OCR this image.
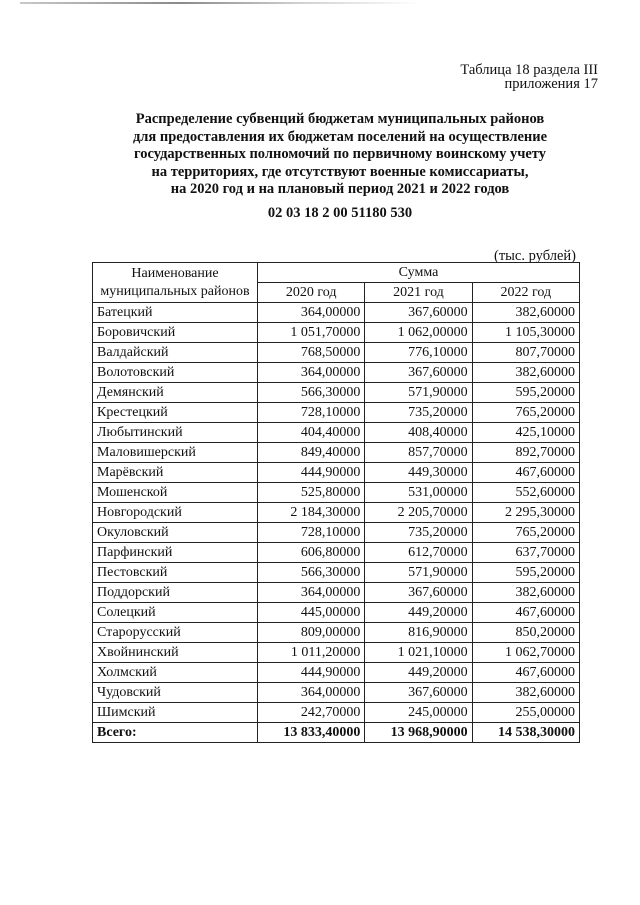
Таблица 18 раздела III
приложения 17
Распределение субвенций бюджетам муниципальных районов
для предоставления их бюджетам поселений на осуществление
государственных полномочий по первичному воинскому учету
на территориях, где отсутствуют военные комиссариаты,
на 2020 год и на плановый период 2021 и 2022 годов
02 03 18 2 00 51180 530
(тыс. рублей)
Наименование муниципальных районов	Сумма		
	2020 год	2021 год	2022 год
Батецкий	364,00000	367,60000	382,60000
Боровичский	1 051,70000	1 062,00000	1 105,30000
Валдайский	768,50000	776,10000	807,70000
Волотовский	364,00000	367,60000	382,60000
Демянский	566,30000	571,90000	595,20000
Крестецкий	728,10000	735,20000	765,20000
Любытинский	404,40000	408,40000	425,10000
Маловишерский	849,40000	857,70000	892,70000
Марёвский	444,90000	449,30000	467,60000
Мошенской	525,80000	531,00000	552,60000
Новгородский	2 184,30000	2 205,70000	2 295,30000
Окуловский	728,10000	735,20000	765,20000
Парфинский	606,80000	612,70000	637,70000
Пестовский	566,30000	571,90000	595,20000
Поддорский	364,00000	367,60000	382,60000
Солецкий	445,00000	449,20000	467,60000
Старорусский	809,00000	816,90000	850,20000
Хвойнинский	1 011,20000	1 021,10000	1 062,70000
Холмский	444,90000	449,20000	467,60000
Чудовский	364,00000	367,60000	382,60000
Шимский	242,70000	245,00000	255,00000
Всего:	13 833,40000	13 968,90000	14 538,30000
